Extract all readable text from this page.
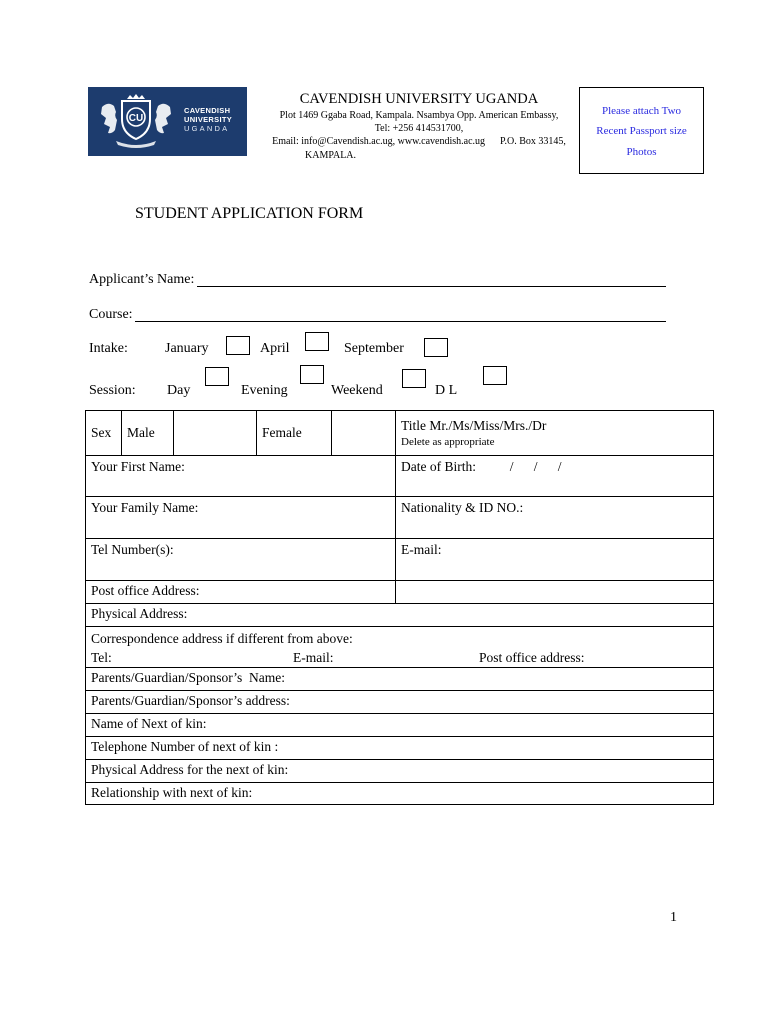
CU
CAVENDISH
UNIVERSITY
UGANDA
CAVENDISH UNIVERSITY UGANDA
Plot 1469 Ggaba Road, Kampala. Nsambya Opp. American Embassy,
Tel: +256 414531700,
Email: info@Cavendish.ac.ug, www.cavendish.ac.ug      P.O. Box 33145,
KAMPALA.
Please attach Two
Recent Passport size
Photos
STUDENT APPLICATION FORM
Applicant’s Name:
Course:
Intake:	January	April	September
Session: Day	Evening	Weekend	D L
Sex	Male		Female		Title Mr./Ms/Miss/Mrs./Dr
Delete as appropriate

Your First Name:					Date of Birth: /      /      /
Your Family Name:					Nationality & ID NO.:
Tel Number(s):					E-mail:
Post office Address:					
Physical Address:					

Correspondence address if different from above:
Tel: E-mail: Post office address:					

Parents/Guardian/Sponsor’s  Name:					
Parents/Guardian/Sponsor’s address:					
Name of Next of kin:					
Telephone Number of next of kin :					
Physical Address for the next of kin:					
Relationship with next of kin:					
1
